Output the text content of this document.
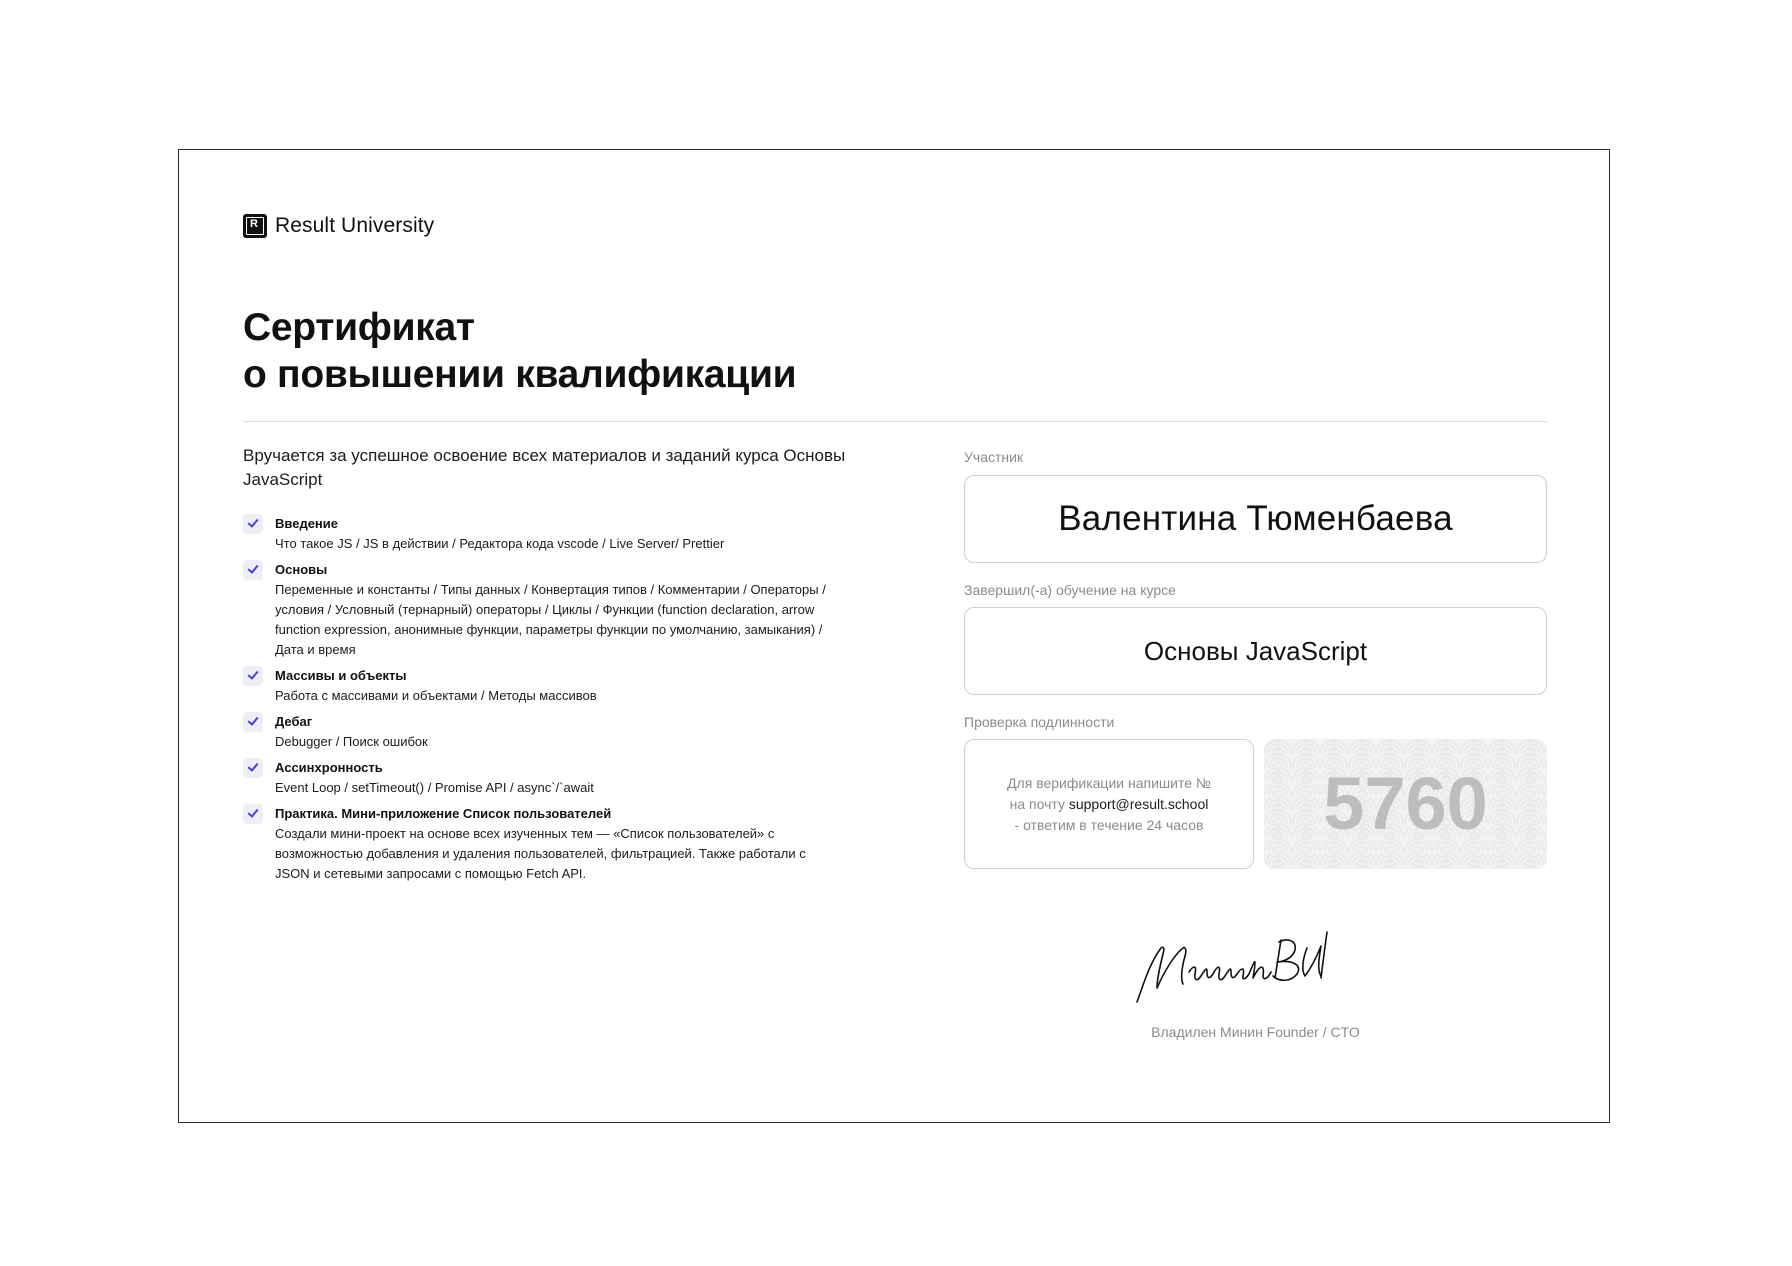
R Result University
Сертификат
о повышении квалификации
Вручается за успешное освоение всех материалов и заданий курса Основы JavaScript
Введение
Что такое JS / JS в действии / Редактора кода vscode / Live Server/ Prettier
Основы
Переменные и константы / Типы данных / Конвертация типов / Комментарии / Операторы / условия / Условный (тернарный) операторы / Циклы / Функции (function declaration, arrow function expression, анонимные функции, параметры функции по умолчанию, замыкания) / Дата и время
Массивы и объекты
Работа с массивами и объектами / Методы массивов
Дебаг
Debugger / Поиск ошибок
Ассинхронность
Event Loop / setTimeout() / Promise API / async`/`await
Практика. Мини-приложение Список пользователей
Создали мини-проект на основе всех изученных тем — «Список пользователей» с возможностью добавления и удаления пользователей, фильтрацией. Также работали с JSON и сетевыми запросами с помощью Fetch API.
Участник
Валентина Тюменбаева
Завершил(-а) обучение на курсе
Основы JavaScript
Проверка подлинности
Для верификации напишите №
на почту support@result.school
- ответим в течение 24 часов	5760
Владилен Минин Founder / CTO
